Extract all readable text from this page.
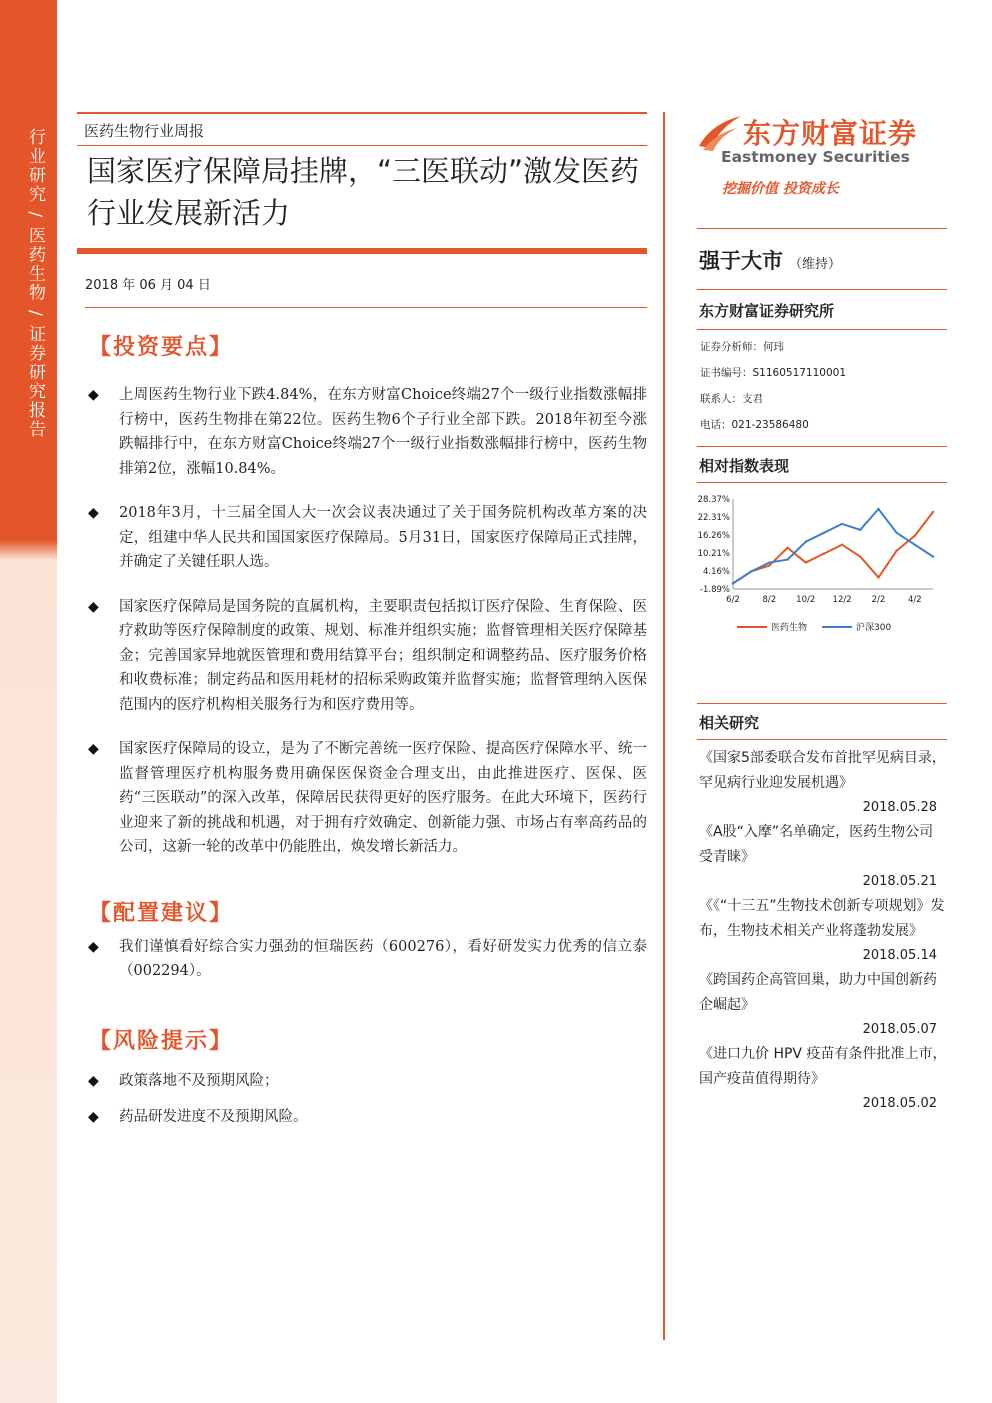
行业研究 / 医药生物 / 证券研究报告	医药生物行业周报
国家医疗保障局挂牌，“三医联动”激发医药行业发展新活力
2018 年 06 月 04 日
【投资要点】
◆ 上周医药生物行业下跌4.84%，在东方财富Choice终端27个一级行业指数涨幅排行榜中，医药生物排在第22位。医药生物6个子行业全部下跌。2018年初至今涨跌幅排行中，在东方财富Choice终端27个一级行业指数涨幅排行榜中，医药生物排第2位，涨幅10.84%。
◆ 2018年3月，十三届全国人大一次会议表决通过了关于国务院机构改革方案的决定，组建中华人民共和国国家医疗保障局。5月31日，国家医疗保障局正式挂牌，并确定了关键任职人选。
◆ 国家医疗保障局是国务院的直属机构，主要职责包括拟订医疗保险、生育保险、医疗救助等医疗保障制度的政策、规划、标准并组织实施；监督管理相关医疗保障基金；完善国家异地就医管理和费用结算平台；组织制定和调整药品、医疗服务价格和收费标准；制定药品和医用耗材的招标采购政策并监督实施；监督管理纳入医保范围内的医疗机构相关服务行为和医疗费用等。
◆ 国家医疗保障局的设立，是为了不断完善统一医疗保险、提高医疗保障水平、统一监督管理医疗机构服务费用确保医保资金合理支出，由此推进医疗、医保、医药“三医联动”的深入改革，保障居民获得更好的医疗服务。在此大环境下，医药行业迎来了新的挑战和机遇，对于拥有疗效确定、创新能力强、市场占有率高药品的公司，这新一轮的改革中仍能胜出，焕发增长新活力。
【配置建议】
◆ 我们谨慎看好综合实力强劲的恒瑞医药（600276），看好研发实力优秀的信立泰（002294）。
【风险提示】
◆ 政策落地不及预期风险；
◆ 药品研发进度不及预期风险。
东方财富证券
Eastmoney Securities
挖掘价值 投资成长
强于大市 （维持）
东方财富证券研究所
证券分析师：何玮
证书编号：S1160517110001
联系人：支君
电话：021-23586480
相对指数表现
28.37%
22.31%
16.26%
10.21%
4.16%
-1.89%
6/2	8/2 10/2 12/2 2/2	4/2
医药生物	沪深300
相关研究
《国家5部委联合发布首批罕见病目录，罕见病行业迎发展机遇》
2018.05.28
《A股“入摩”名单确定，医药生物公司受青睐》
2018.05.21
《《“十三五”生物技术创新专项规划》发布，生物技术相关产业将蓬勃发展》
2018.05.14
《跨国药企高管回巢，助力中国创新药企崛起》
2018.05.07
《进口九价 HPV 疫苗有条件批准上市，国产疫苗值得期待》
2018.05.02
